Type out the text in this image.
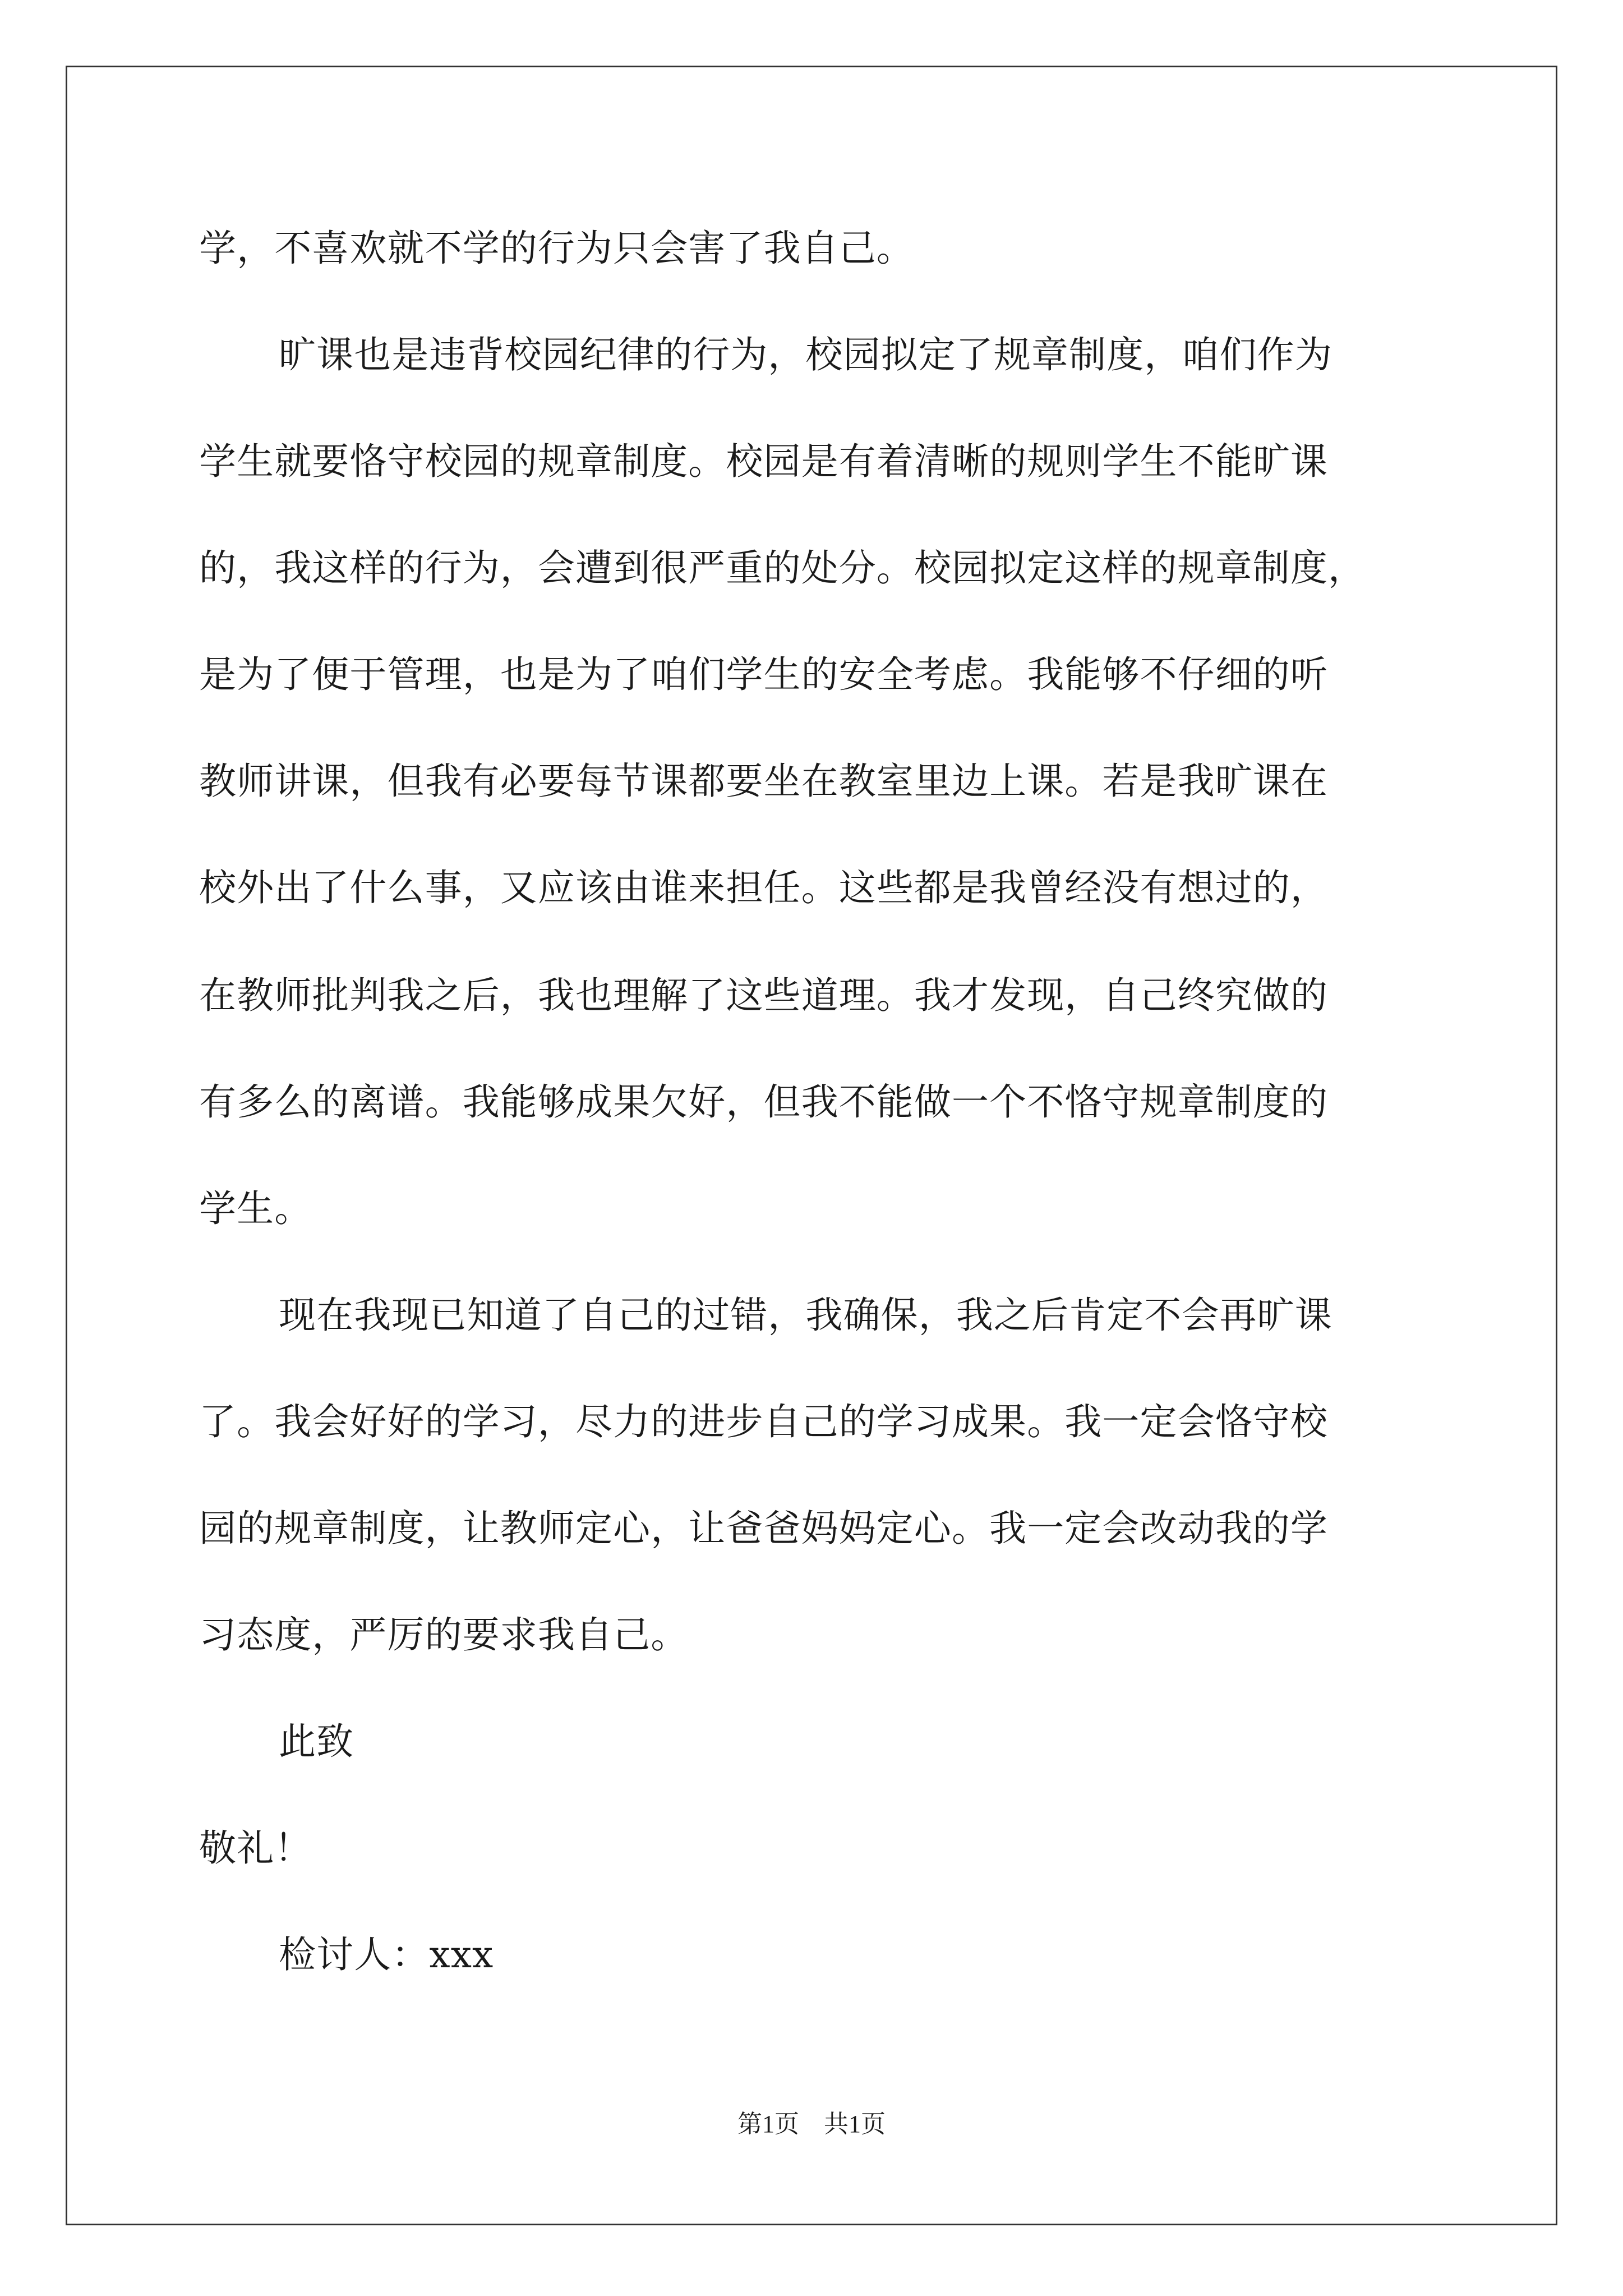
学，不喜欢就不学的行为只会害了我自己。
旷课也是违背校园纪律的行为，校园拟定了规章制度，咱们作为
学生就要恪守校园的规章制度。校园是有着清晰的规则学生不能旷课
的，我这样的行为，会遭到很严重的处分。校园拟定这样的规章制度，
是为了便于管理，也是为了咱们学生的安全考虑。我能够不仔细的听
教师讲课，但我有必要每节课都要坐在教室里边上课。若是我旷课在
校外出了什么事，又应该由谁来担任。这些都是我曾经没有想过的，
在教师批判我之后，我也理解了这些道理。我才发现，自己终究做的
有多么的离谱。我能够成果欠好，但我不能做一个不恪守规章制度的
学生。
现在我现已知道了自己的过错，我确保，我之后肯定不会再旷课
了。我会好好的学习，尽力的进步自己的学习成果。我一定会恪守校
园的规章制度，让教师定心，让爸爸妈妈定心。我一定会改动我的学
习态度，严厉的要求我自己。
此致
敬礼！
检讨人：xxx
第1页　共1页
